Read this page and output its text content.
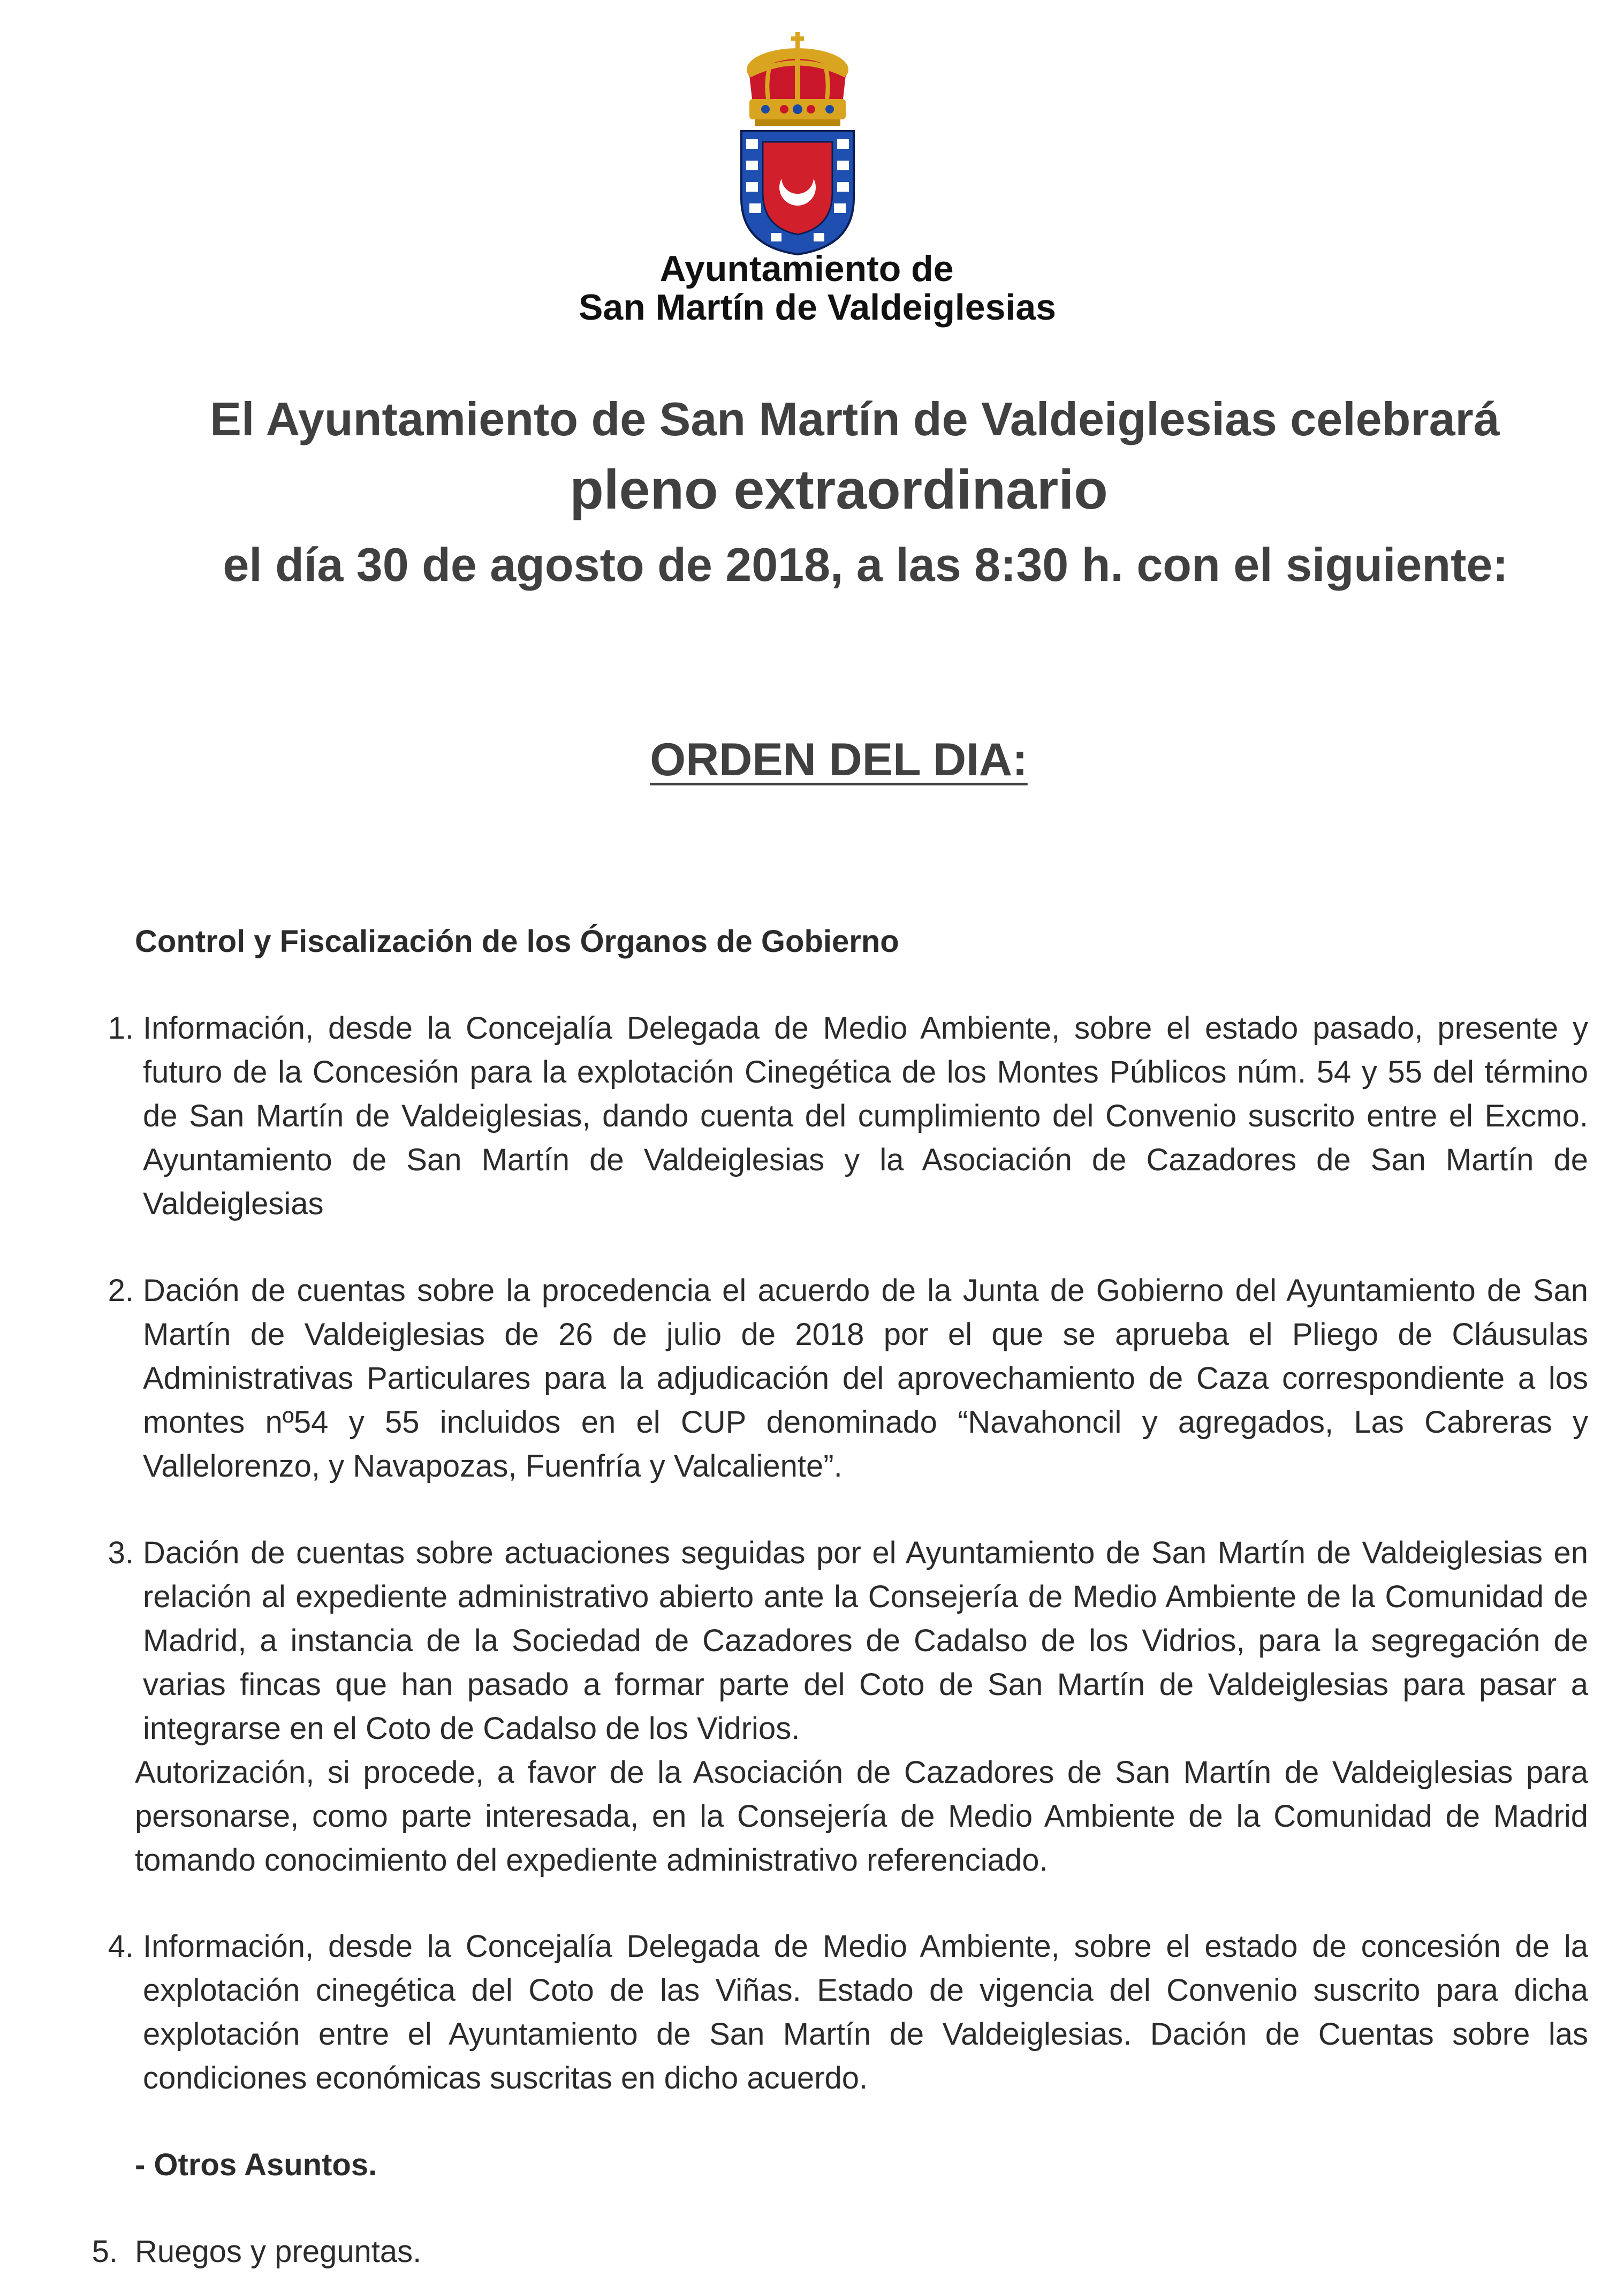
Ayuntamiento de
San Martín de Valdeiglesias
El Ayuntamiento de San Martín de Valdeiglesias celebrará
pleno extraordinario
el día 30 de agosto de 2018, a las 8:30 h. con el siguiente:
ORDEN DEL DIA:
Control y Fiscalización de los Órganos de Gobierno
1. Información, desde la Concejalía Delegada de Medio Ambiente, sobre el estado pasado, presente y futuro de la Concesión para la explotación Cinegética de los Montes Públicos núm. 54 y 55 del término de San Martín de Valdeiglesias, dando cuenta del cumplimiento del Convenio suscrito entre el Excmo. Ayuntamiento de San Martín de Valdeiglesias y la Asociación de Cazadores de San Martín de Valdeiglesias
2. Dación de cuentas sobre la procedencia el acuerdo de la Junta de Gobierno del Ayuntamiento de San Martín de Valdeiglesias de 26 de julio de 2018 por el que se aprueba el Pliego de Cláusulas Administrativas Particulares para la adjudicación del aprovechamiento de Caza correspondiente a los montes nº54 y 55 incluidos en el CUP denominado “Navahoncil y agregados, Las Cabreras y Vallelorenzo, y Navapozas, Fuenfría y Valcaliente”.
3. Dación de cuentas sobre actuaciones seguidas por el Ayuntamiento de San Martín de Valdeiglesias en relación al expediente administrativo abierto ante la Consejería de Medio Ambiente de la Comunidad de Madrid, a instancia de la Sociedad de Cazadores de Cadalso de los Vidrios, para la segregación de varias fincas que han pasado a formar parte del Coto de San Martín de Valdeiglesias para pasar a integrarse en el Coto de Cadalso de los Vidrios.
Autorización, si procede, a favor de la Asociación de Cazadores de San Martín de Valdeiglesias para personarse, como parte interesada, en la Consejería de Medio Ambiente de la Comunidad de Madrid tomando conocimiento del expediente administrativo referenciado.
4. Información, desde la Concejalía Delegada de Medio Ambiente, sobre el estado de concesión de la explotación cinegética del Coto de las Viñas. Estado de vigencia del Convenio suscrito para dicha explotación entre el Ayuntamiento de San Martín de Valdeiglesias. Dación de Cuentas sobre las condiciones económicas suscritas en dicho acuerdo.
- Otros Asuntos.
5. Ruegos y preguntas.
